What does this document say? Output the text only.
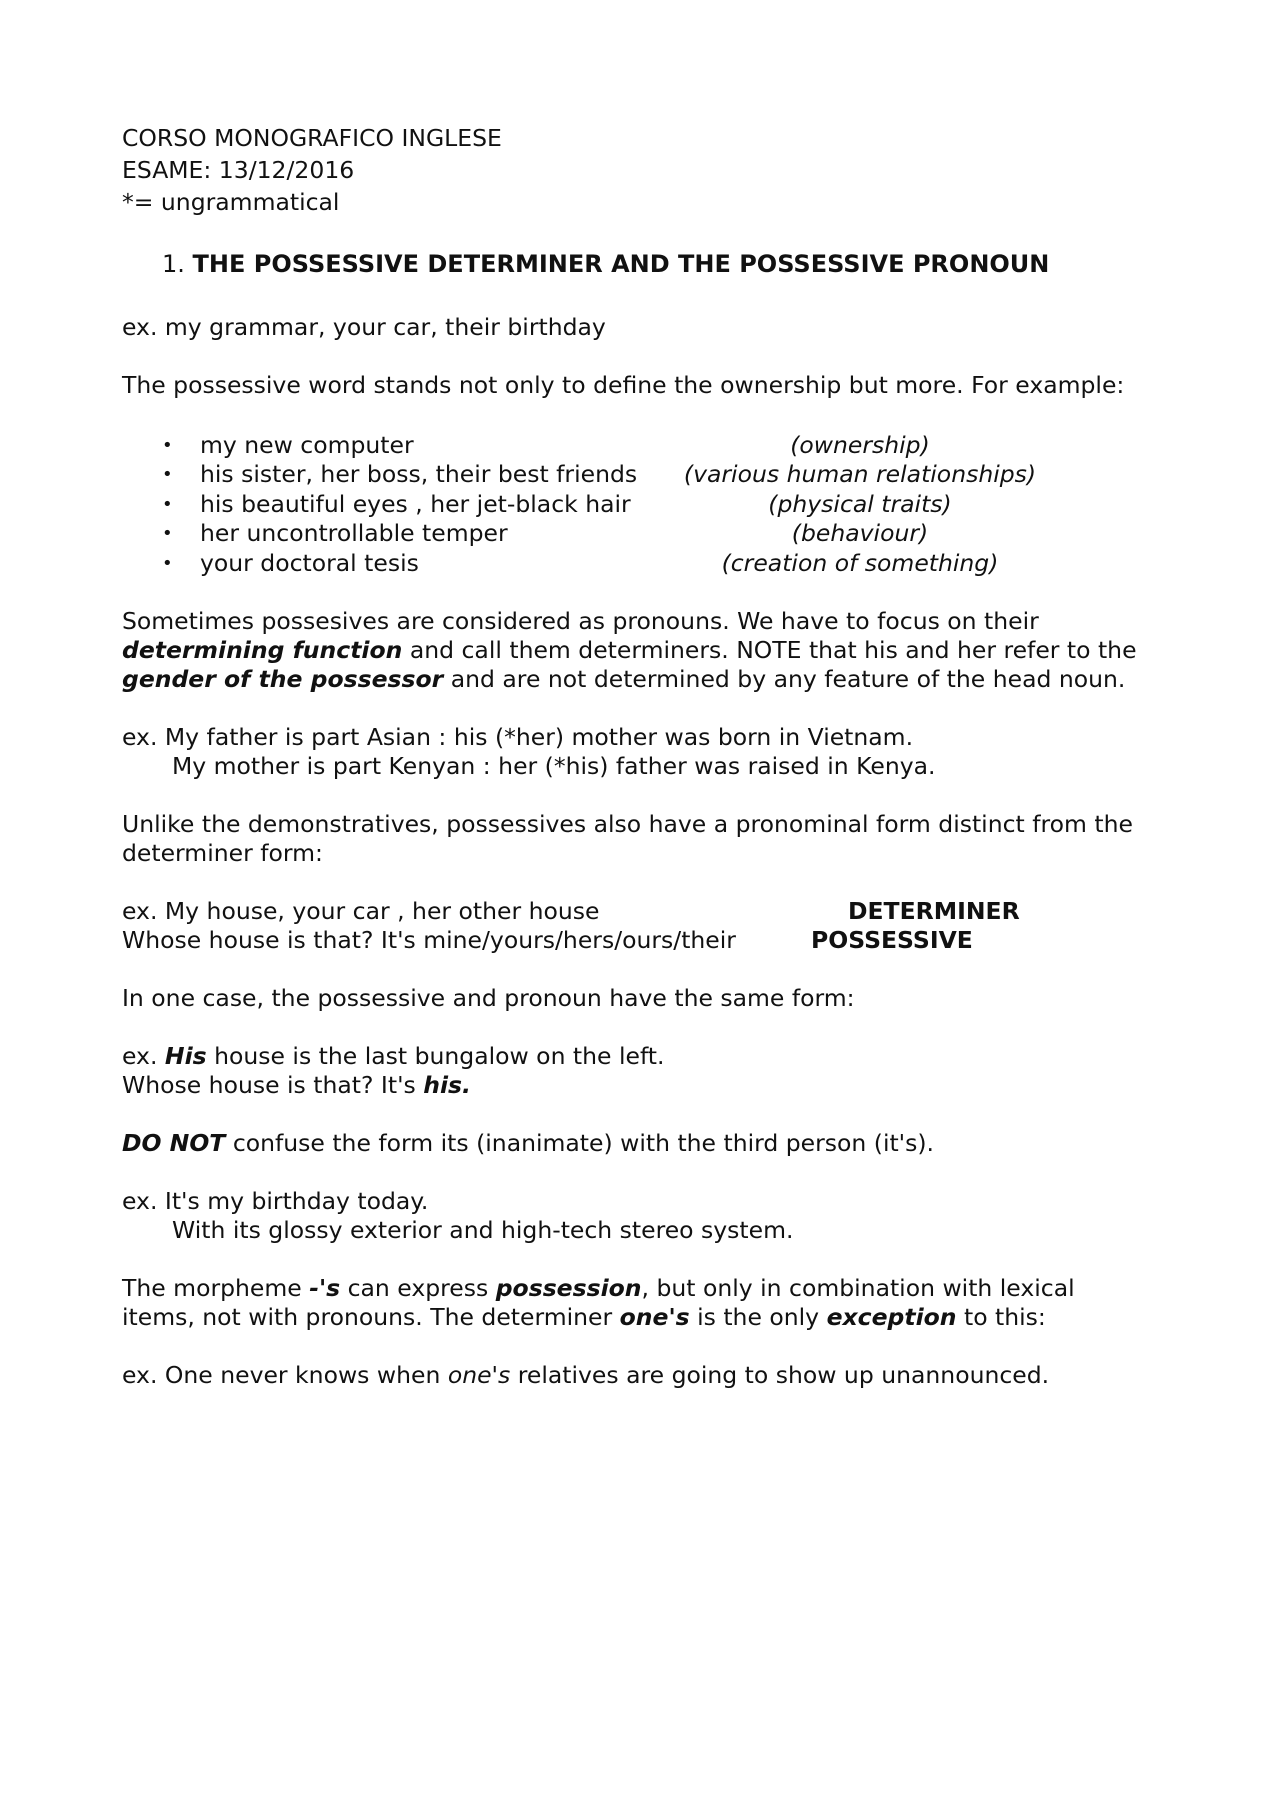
CORSO MONOGRAFICO INGLESE
ESAME: 13/12/2016
*= ungrammatical
1. THE POSSESSIVE DETERMINER AND THE POSSESSIVE PRONOUN
ex. my grammar, your car, their birthday
The possessive word stands not only to define the ownership but more. For example:
• my new computer	(ownership)
• his sister, her boss, their best friends	(various human relationships)
• his beautiful eyes , her jet-black hair	(physical traits)
• her uncontrollable temper	(behaviour)
• your doctoral tesis	(creation of something)
Sometimes possesives are considered as pronouns. We have to focus on their
determining function and call them determiners. NOTE that his and her refer to the
gender of the possessor and are not determined by any feature of the head noun.
ex. My father is part Asian : his (*her) mother was born in Vietnam.
My mother is part Kenyan : her (*his) father was raised in Kenya.
Unlike the demonstratives, possessives also have a pronominal form distinct from the
determiner form:
ex. My house, your car , her other house	DETERMINER
Whose house is that? It's mine/yours/hers/ours/their	POSSESSIVE
In one case, the possessive and pronoun have the same form:
ex. His house is the last bungalow on the left.
Whose house is that? It's his.
DO NOT confuse the form its (inanimate) with the third person (it's).
ex. It's my birthday today.
With its glossy exterior and high-tech stereo system.
The morpheme -'s can express possession, but only in combination with lexical
items, not with pronouns. The determiner one's is the only exception to this:
ex. One never knows when one's relatives are going to show up unannounced.
